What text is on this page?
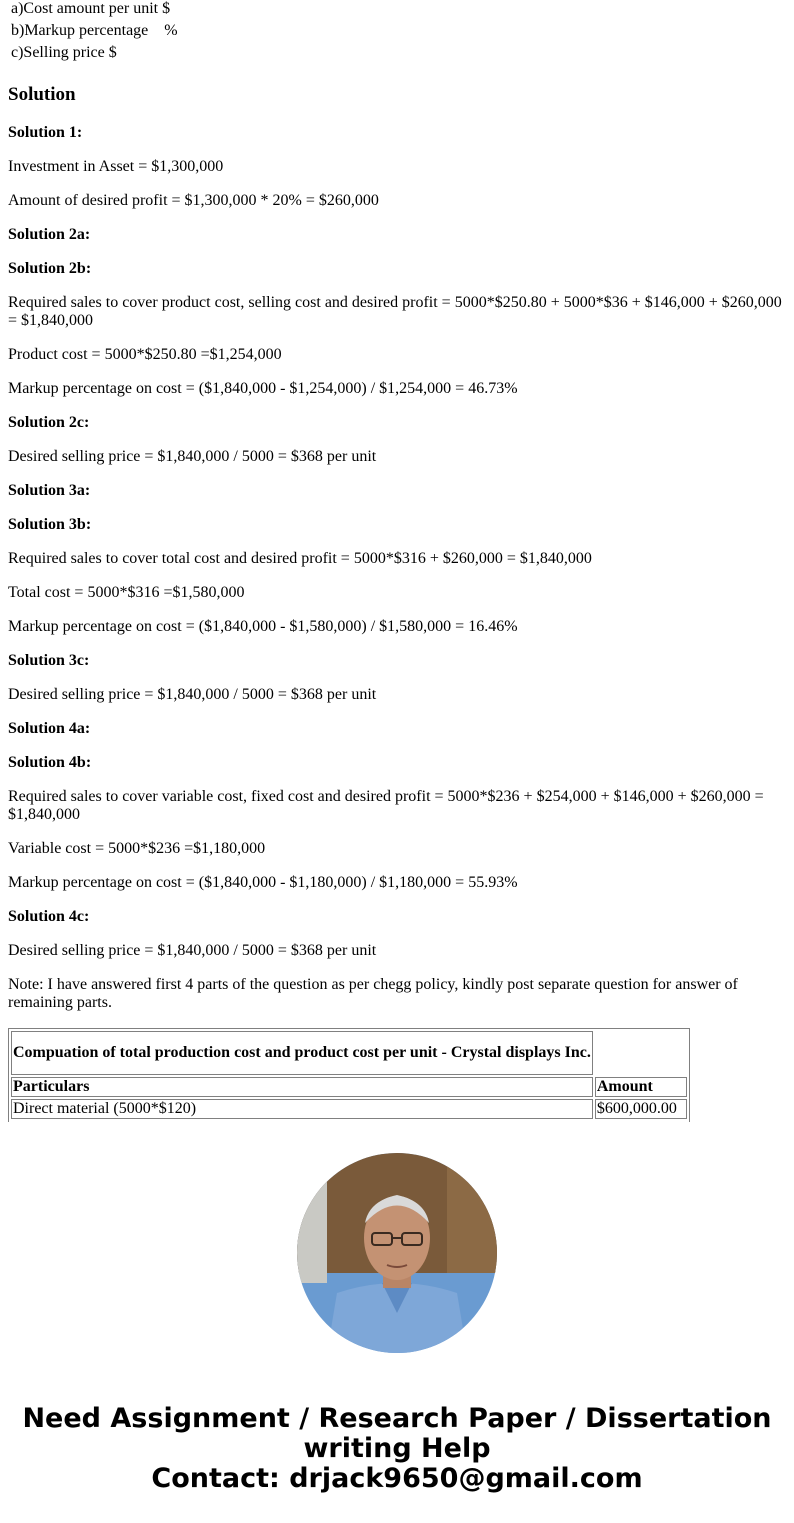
a)Cost amount per unit $
b)Markup percentage    %
c)Selling price $
Solution
Solution 1:
Investment in Asset = $1,300,000
Amount of desired profit = $1,300,000 * 20% = $260,000
Solution 2a:
Solution 2b:
Required sales to cover product cost, selling cost and desired profit = 5000*$250.80 + 5000*$36 + $146,000 + $260,000 = $1,840,000
Product cost = 5000*$250.80 =$1,254,000
Markup percentage on cost = ($1,840,000 - $1,254,000) / $1,254,000 = 46.73%
Solution 2c:
Desired selling price = $1,840,000 / 5000 = $368 per unit
Solution 3a:
Solution 3b:
Required sales to cover total cost and desired profit = 5000*$316 + $260,000 = $1,840,000
Total cost = 5000*$316 =$1,580,000
Markup percentage on cost = ($1,840,000 - $1,580,000) / $1,580,000 = 16.46%
Solution 3c:
Desired selling price = $1,840,000 / 5000 = $368 per unit
Solution 4a:
Solution 4b:
Required sales to cover variable cost, fixed cost and desired profit = 5000*$236 + $254,000 + $146,000 + $260,000 = $1,840,000
Variable cost = 5000*$236 =$1,180,000
Markup percentage on cost = ($1,840,000 - $1,180,000) / $1,180,000 = 55.93%
Solution 4c:
Desired selling price = $1,840,000 / 5000 = $368 per unit
Note: I have answered first 4 parts of the question as per chegg policy, kindly post separate question for answer of remaining parts.
Compuation of total production cost and product cost per unit - Crystal displays Inc.	
Particulars	Amount
Direct material (5000*$120)	$600,000.00
Need Assignment / Research Paper / Dissertation
writing Help
Contact: drjack9650@gmail.com
